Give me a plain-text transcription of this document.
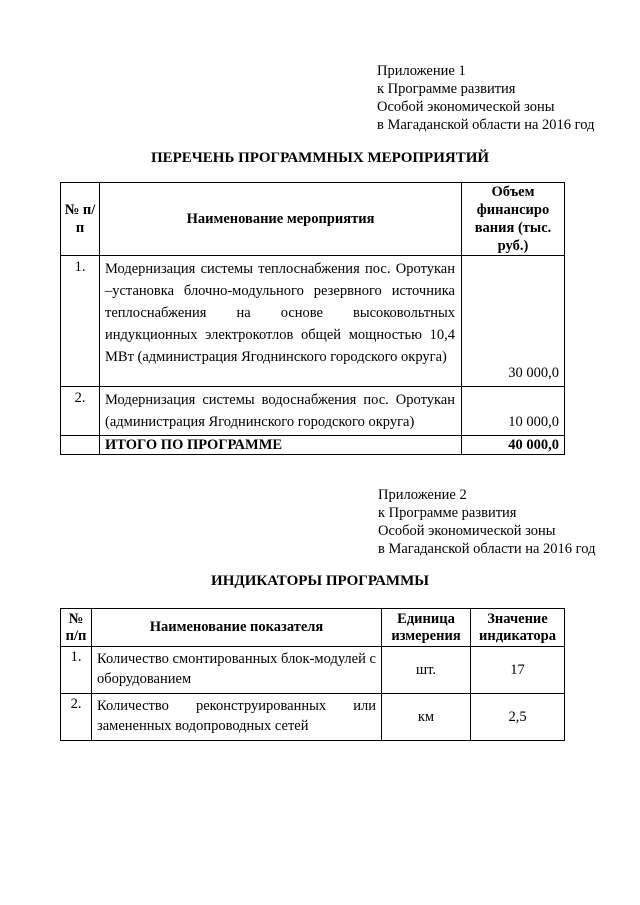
Приложение 1
к Программе развития
Особой экономической зоны
в Магаданской области на 2016 год
ПЕРЕЧЕНЬ ПРОГРАММНЫХ МЕРОПРИЯТИЙ
№ п/п	Наименование мероприятия	Объем финансиро вания (тыс. руб.)
1.	Модернизация системы теплоснабжения пос. Оротукан –установка блочно-модульного резервного источника теплоснабжения на основе высоковольтных индукционных электрокотлов общей мощностью 10,4 МВт (администрация Ягоднинского городского округа)	30 000,0
2.	Модернизация системы водоснабжения пос. Оротукан (администрация Ягоднинского городского округа)	10 000,0
	ИТОГО ПО ПРОГРАММЕ	40 000,0
Приложение 2
к Программе развития
Особой экономической зоны
в Магаданской области на 2016 год
ИНДИКАТОРЫ ПРОГРАММЫ
№ п/п	Наименование показателя	Единица измерения	Значение индикатора
1.	Количество смонтированных блок-модулей с оборудованием	шт.	17
2.	Количество реконструированных или замененных водопроводных сетей	км	2,5
